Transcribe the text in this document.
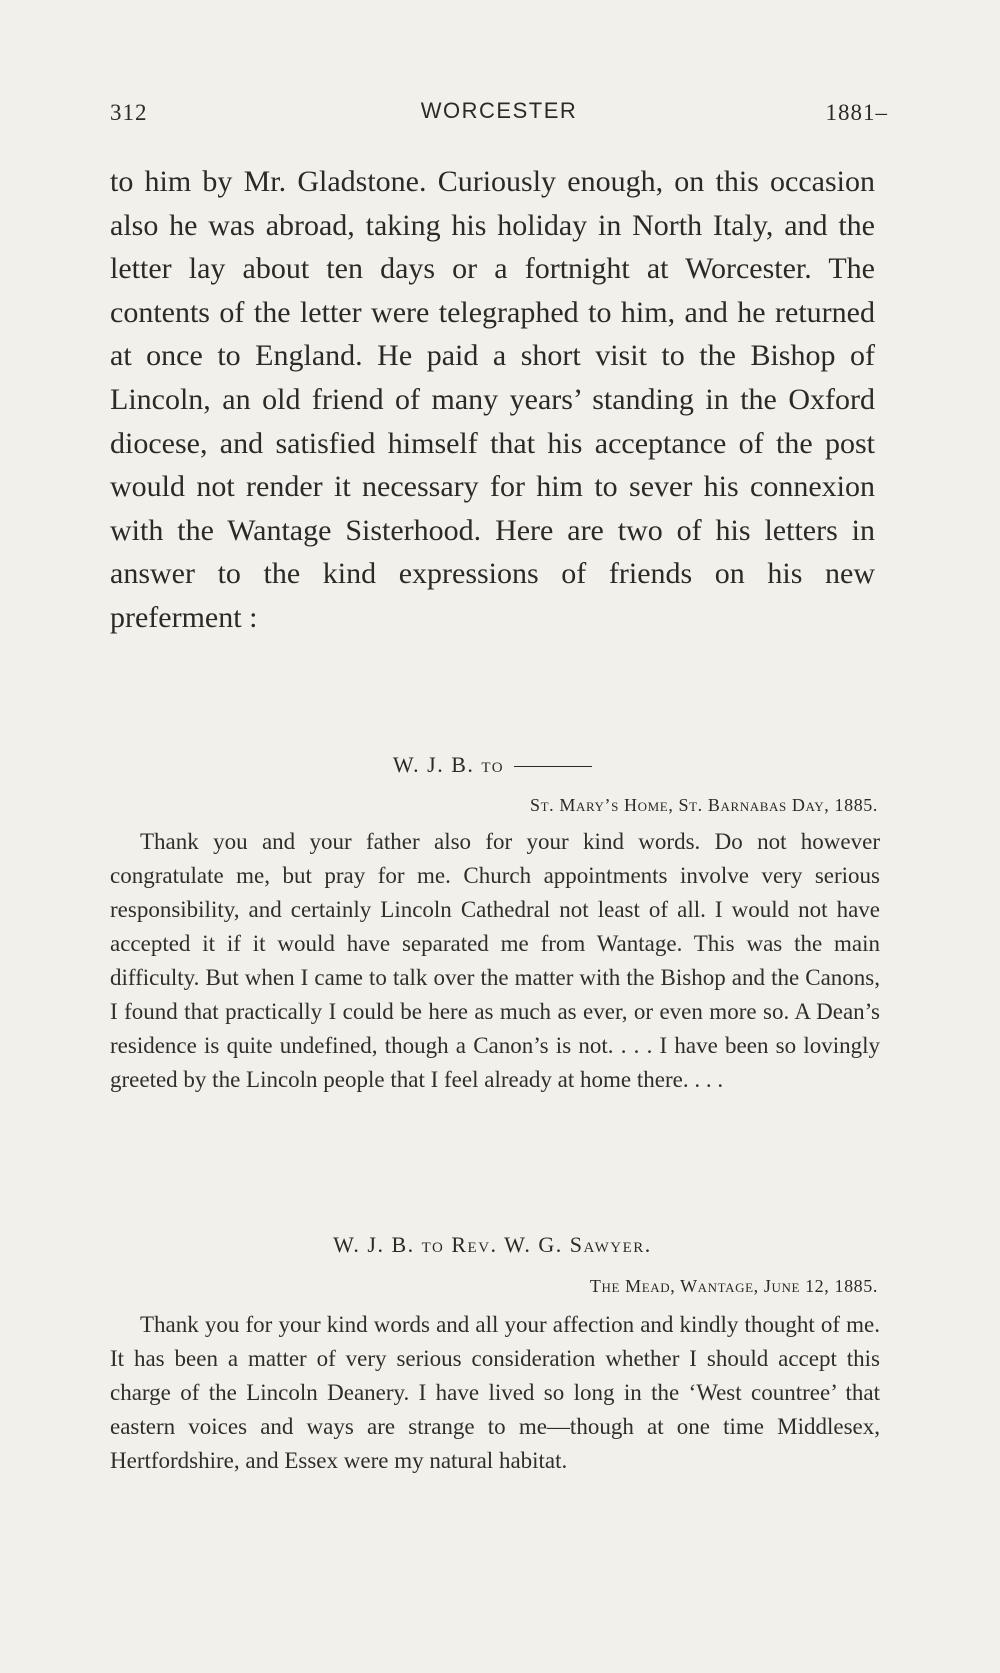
312	WORCESTER	1881–
to him by Mr. Gladstone. Curiously enough, on this occasion also he was abroad, taking his holiday in North Italy, and the letter lay about ten days or a fortnight at Worcester. The contents of the letter were telegraphed to him, and he returned at once to England. He paid a short visit to the Bishop of Lincoln, an old friend of many years’ standing in the Oxford diocese, and satisfied himself that his acceptance of the post would not render it necessary for him to sever his connexion with the Wantage Sisterhood. Here are two of his letters in answer to the kind expressions of friends on his new preferment :
W. J. B. to
St. Mary’s Home, St. Barnabas Day, 1885.
Thank you and your father also for your kind words. Do not however congratulate me, but pray for me. Church appointments involve very serious responsibility, and certainly Lincoln Cathedral not least of all. I would not have accepted it if it would have separated me from Wantage. This was the main difficulty. But when I came to talk over the matter with the Bishop and the Canons, I found that practically I could be here as much as ever, or even more so. A Dean’s residence is quite undefined, though a Canon’s is not. . . . I have been so lovingly greeted by the Lincoln people that I feel already at home there. . . .
W. J. B. to Rev. W. G. Sawyer.
The Mead, Wantage, June 12, 1885.
Thank you for your kind words and all your affection and kindly thought of me. It has been a matter of very serious consideration whether I should accept this charge of the Lincoln Deanery. I have lived so long in the ‘West countree’ that eastern voices and ways are strange to me—though at one time Middlesex, Hertfordshire, and Essex were my natural habitat.
